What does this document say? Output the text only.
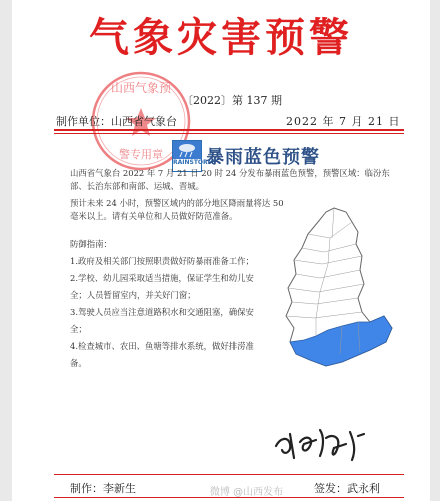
气象灾害预警
山西气象预
警专用章
〔2022〕第 137 期
制作单位：山西省气象台	2022 年 7 月 21 日
RAINSTORM
暴雨蓝色预警
山西省气象台 2022 年 7 月 21 日 20 时 24 分发布暴雨蓝色预警，预警区域：临汾东部、长治东部和南部、运城、晋城。
预计未来 24 小时，预警区域内的部分地区降雨量将达 50 毫米以上。请有关单位和人员做好防范准备。
防御指南：
1.政府及相关部门按照职责做好防暴雨准备工作；
2.学校、幼儿园采取适当措施，保证学生和幼儿安全；人员暂留室内，并关好门窗；
3.驾驶人员应当注意道路积水和交通阻塞，确保安全；
4.检查城市、农田、鱼塘等排水系统，做好排涝准备。
制作：李新生	微博 @山西发布	签发：武永利
